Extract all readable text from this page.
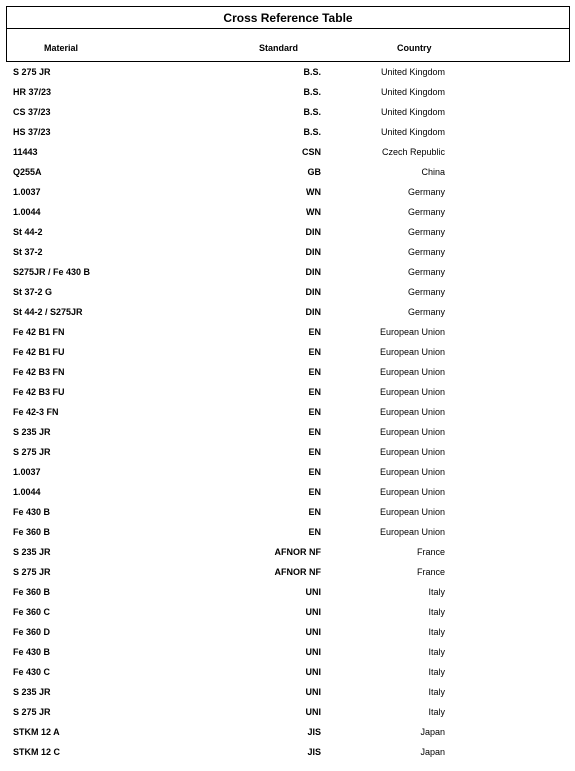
Cross Reference Table
Material	Standard	Country
S 275 JR	B.S.	United Kingdom
HR 37/23	B.S.	United Kingdom
CS 37/23	B.S.	United Kingdom
HS 37/23	B.S.	United Kingdom
11443	CSN	Czech Republic
Q255A	GB	China
1.0037	WN	Germany
1.0044	WN	Germany
St 44-2	DIN	Germany
St 37-2	DIN	Germany
S275JR / Fe 430 B	DIN	Germany
St 37-2 G	DIN	Germany
St 44-2 / S275JR	DIN	Germany
Fe 42 B1 FN	EN	European Union
Fe 42 B1 FU	EN	European Union
Fe 42 B3 FN	EN	European Union
Fe 42 B3 FU	EN	European Union
Fe 42-3 FN	EN	European Union
S 235 JR	EN	European Union
S 275 JR	EN	European Union
1.0037	EN	European Union
1.0044	EN	European Union
Fe 430 B	EN	European Union
Fe 360 B	EN	European Union
S 235 JR	AFNOR NF	France
S 275 JR	AFNOR NF	France
Fe 360 B	UNI	Italy
Fe 360 C	UNI	Italy
Fe 360 D	UNI	Italy
Fe 430 B	UNI	Italy
Fe 430 C	UNI	Italy
S 235 JR	UNI	Italy
S 275 JR	UNI	Italy
STKM 12 A	JIS	Japan
STKM 12 C	JIS	Japan
